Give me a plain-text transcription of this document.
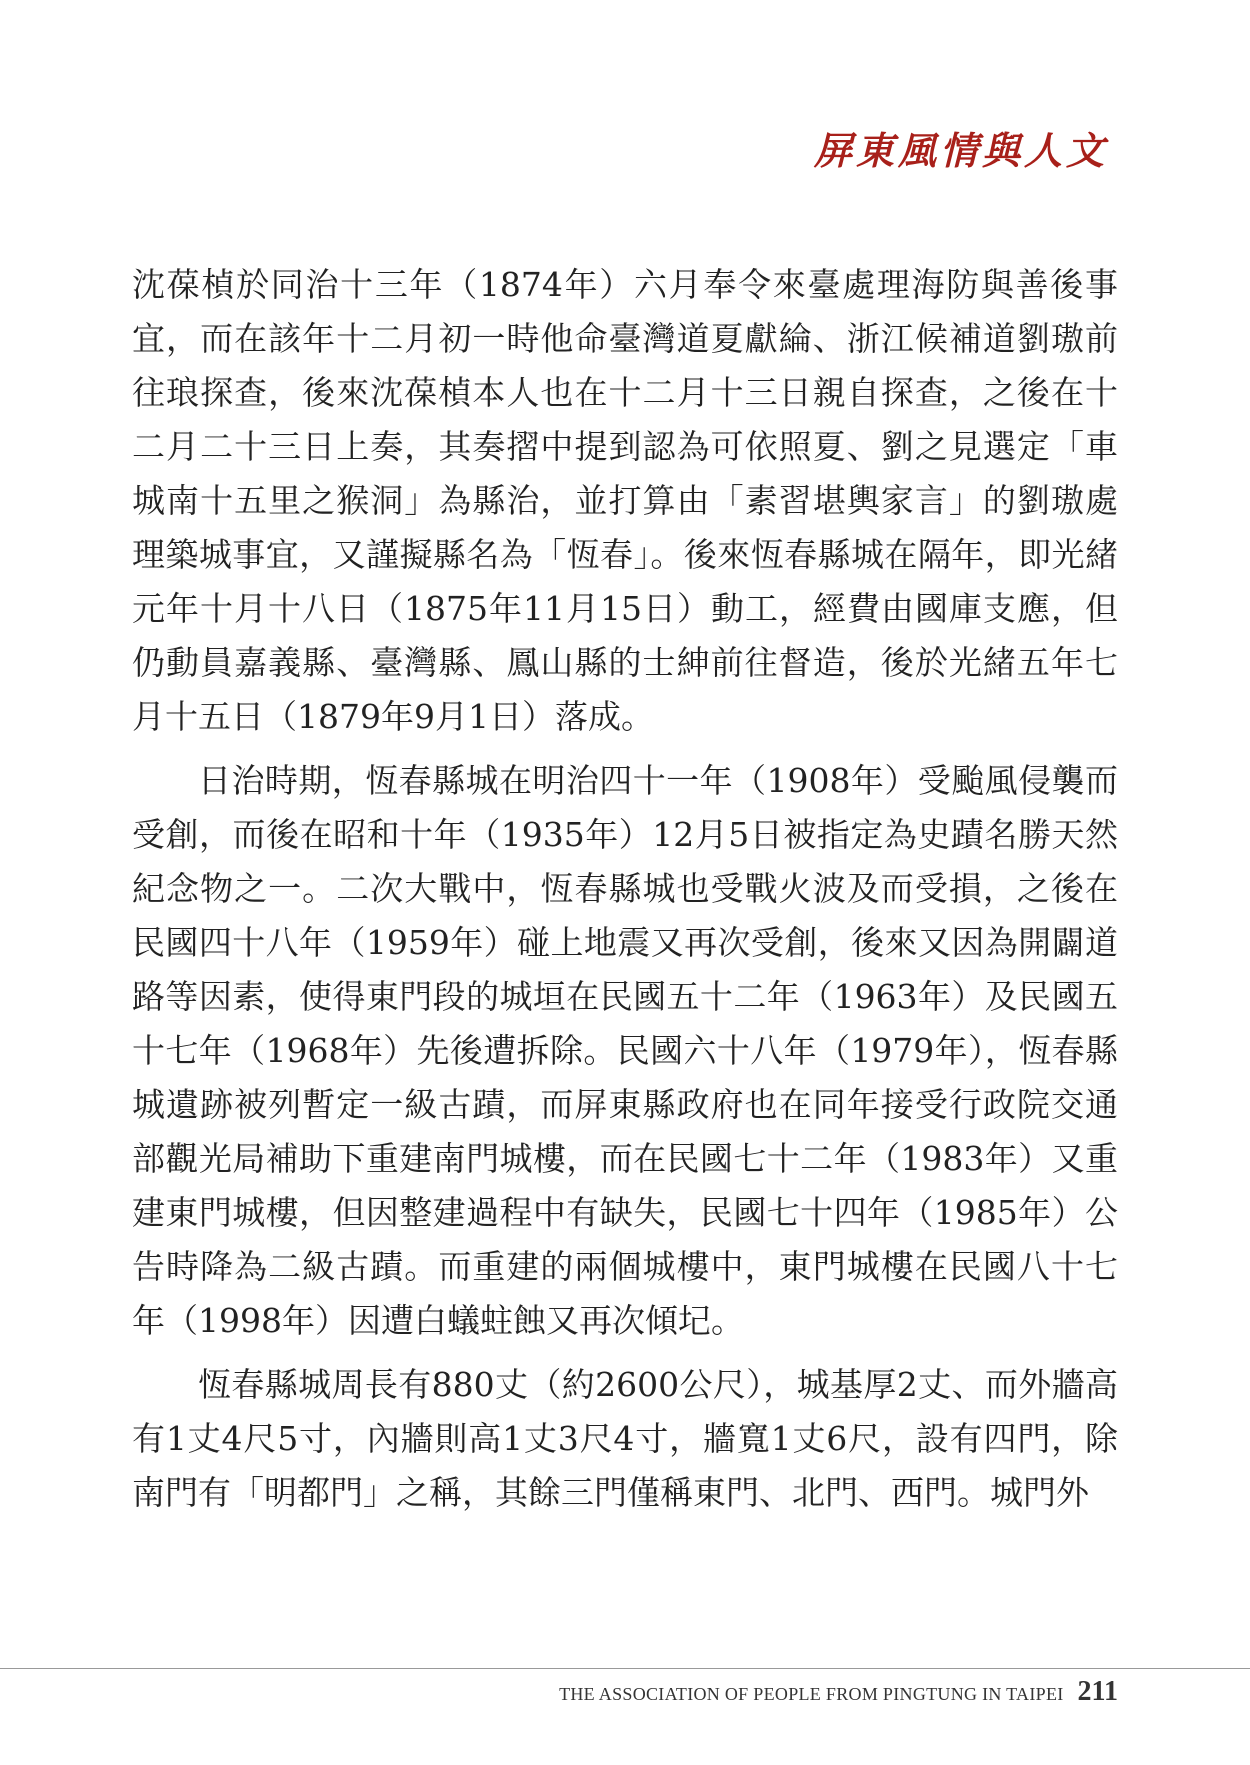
屏東風情與人文

沈葆楨於同治十三年（1874年）六月奉令來臺處理海防與善後事宜，而在該年十二月初一時他命臺灣道夏獻綸、浙江候補道劉璈前往琅探查，後來沈葆楨本人也在十二月十三日親自探查，之後在十二月二十三日上奏，其奏摺中提到認為可依照夏、劉之見選定「車城南十五里之猴洞」為縣治，並打算由「素習堪輿家言」的劉璈處理築城事宜，又謹擬縣名為「恆春」。後來恆春縣城在隔年，即光緒元年十月十八日（1875年11月15日）動工，經費由國庫支應，但仍動員嘉義縣、臺灣縣、鳳山縣的士紳前往督造，後於光緒五年七月十五日（1879年9月1日）落成。

日治時期，恆春縣城在明治四十一年（1908年）受颱風侵襲而受創，而後在昭和十年（1935年）12月5日被指定為史蹟名勝天然紀念物之一。二次大戰中，恆春縣城也受戰火波及而受損，之後在民國四十八年（1959年）碰上地震又再次受創，後來又因為開闢道路等因素，使得東門段的城垣在民國五十二年（1963年）及民國五十七年（1968年）先後遭拆除。民國六十八年（1979年），恆春縣城遺跡被列暫定一級古蹟，而屏東縣政府也在同年接受行政院交通部觀光局補助下重建南門城樓，而在民國七十二年（1983年）又重建東門城樓，但因整建過程中有缺失，民國七十四年（1985年）公告時降為二級古蹟。而重建的兩個城樓中，東門城樓在民國八十七年（1998年）因遭白蟻蛀蝕又再次傾圮。

恆春縣城周長有880丈（約2600公尺），城基厚2丈、而外牆高有1丈4尺5寸，內牆則高1丈3尺4寸，牆寬1丈6尺，設有四門，除南門有「明都門」之稱，其餘三門僅稱東門、北門、西門。城門外

THE ASSOCIATION OF PEOPLE FROM PINGTUNG IN TAIPEI 211
